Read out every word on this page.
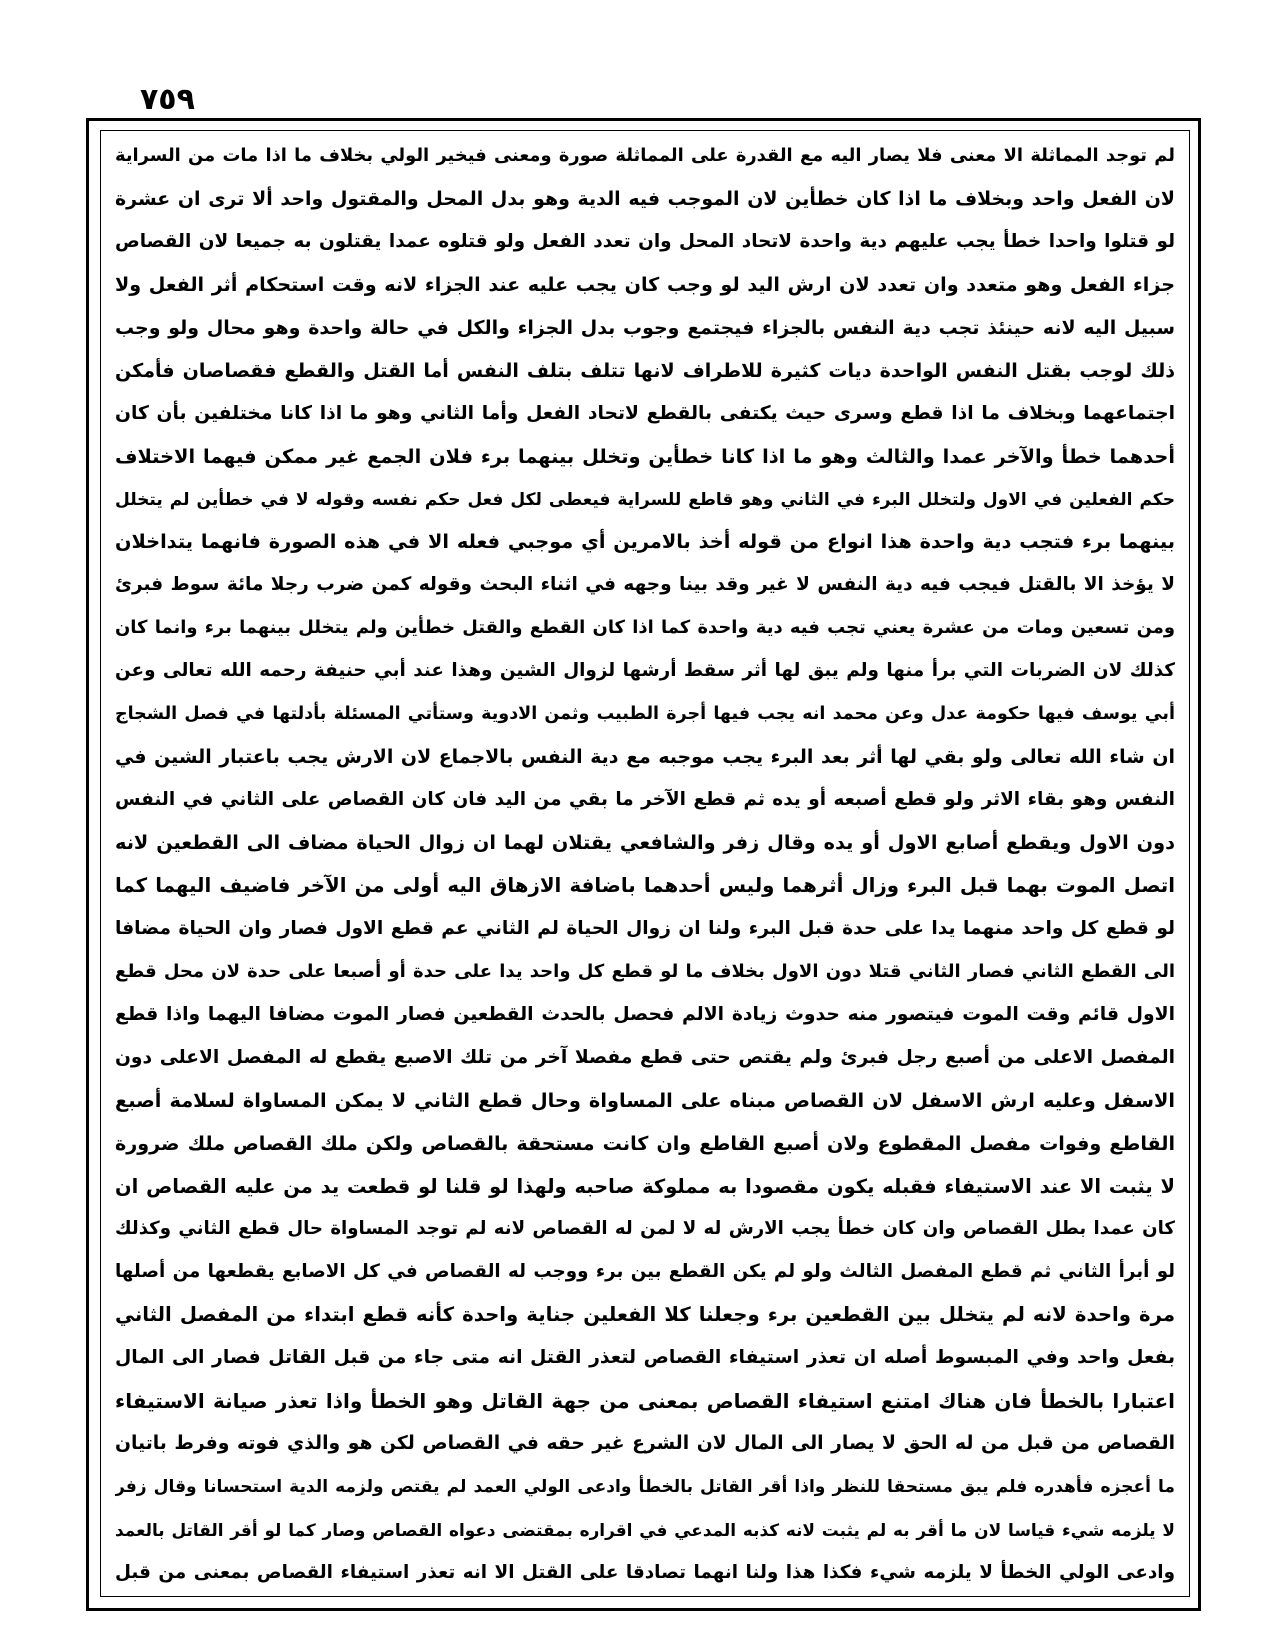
٧٥٩
لم توجد المماثلة الا معنى فلا يصار اليه مع القدرة على المماثلة صورة ومعنى فيخير الولي بخلاف ما اذا مات من السراية
لان الفعل واحد وبخلاف ما اذا كان خطأين لان الموجب فيه الدية وهو بدل المحل والمقتول واحد ألا ترى ان عشرة
لو قتلوا واحدا خطأ يجب عليهم دية واحدة لاتحاد المحل وان تعدد الفعل ولو قتلوه عمدا يقتلون به جميعا لان القصاص
جزاء الفعل وهو متعدد وان تعدد لان ارش اليد لو وجب كان يجب عليه عند الجزاء لانه وقت استحكام أثر الفعل ولا
سبيل اليه لانه حينئذ تجب دية النفس بالجزاء فيجتمع وجوب بدل الجزاء والكل في حالة واحدة وهو محال ولو وجب
ذلك لوجب بقتل النفس الواحدة ديات كثيرة للاطراف لانها تتلف بتلف النفس أما القتل والقطع فقصاصان فأمكن
اجتماعهما وبخلاف ما اذا قطع وسرى حيث يكتفى بالقطع لاتحاد الفعل وأما الثاني وهو ما اذا كانا مختلفين بأن كان
أحدهما خطأ والآخر عمدا والثالث وهو ما اذا كانا خطأين وتخلل بينهما برء فلان الجمع غير ممكن فيهما الاختلاف
حكم الفعلين في الاول ولتخلل البرء في الثاني وهو قاطع للسراية فيعطى لكل فعل حكم نفسه وقوله لا في خطأين لم يتخلل
بينهما برء فتجب دية واحدة هذا انواع من قوله أخذ بالامرين أي موجبي فعله الا في هذه الصورة فانهما يتداخلان
لا يؤخذ الا بالقتل فيجب فيه دية النفس لا غير وقد بينا وجهه في اثناء البحث وقوله كمن ضرب رجلا مائة سوط فبرئ
ومن تسعين ومات من عشرة يعني تجب فيه دية واحدة كما اذا كان القطع والقتل خطأين ولم يتخلل بينهما برء وانما كان
كذلك لان الضربات التي برأ منها ولم يبق لها أثر سقط أرشها لزوال الشين وهذا عند أبي حنيفة رحمه الله تعالى وعن
أبي يوسف فيها حكومة عدل وعن محمد انه يجب فيها أجرة الطبيب وثمن الادوية وستأتي المسئلة بأدلتها في فصل الشجاج
ان شاء الله تعالى ولو بقي لها أثر بعد البرء يجب موجبه مع دية النفس بالاجماع لان الارش يجب باعتبار الشين في
النفس وهو بقاء الاثر ولو قطع أصبعه أو يده ثم قطع الآخر ما بقي من اليد فان كان القصاص على الثاني في النفس
دون الاول ويقطع أصابع الاول أو يده وقال زفر والشافعي يقتلان لهما ان زوال الحياة مضاف الى القطعين لانه
اتصل الموت بهما قبل البرء وزال أثرهما وليس أحدهما باضافة الازهاق اليه أولى من الآخر فاضيف اليهما كما
لو قطع كل واحد منهما يدا على حدة قبل البرء ولنا ان زوال الحياة لم الثاني عم قطع الاول فصار وان الحياة مضافا
الى القطع الثاني فصار الثاني قتلا دون الاول بخلاف ما لو قطع كل واحد يدا على حدة أو أصبعا على حدة لان محل قطع
الاول قائم وقت الموت فيتصور منه حدوث زيادة الالم فحصل بالحدث القطعين فصار الموت مضافا اليهما واذا قطع
المفصل الاعلى من أصبع رجل فبرئ ولم يقتص حتى قطع مفصلا آخر من تلك الاصبع يقطع له المفصل الاعلى دون
الاسفل وعليه ارش الاسفل لان القصاص مبناه على المساواة وحال قطع الثاني لا يمكن المساواة لسلامة أصبع
القاطع وفوات مفصل المقطوع ولان أصبع القاطع وان كانت مستحقة بالقصاص ولكن ملك القصاص ملك ضرورة
لا يثبت الا عند الاستيفاء فقبله يكون مقصودا به مملوكة صاحبه ولهذا لو قلنا لو قطعت يد من عليه القصاص ان
كان عمدا بطل القصاص وان كان خطأ يجب الارش له لا لمن له القصاص لانه لم توجد المساواة حال قطع الثاني وكذلك
لو أبرأ الثاني ثم قطع المفصل الثالث ولو لم يكن القطع بين برء ووجب له القصاص في كل الاصابع يقطعها من أصلها
مرة واحدة لانه لم يتخلل بين القطعين برء وجعلنا كلا الفعلين جناية واحدة كأنه قطع ابتداء من المفصل الثاني
بفعل واحد وفي المبسوط أصله ان تعذر استيفاء القصاص لتعذر القتل انه متى جاء من قبل القاتل فصار الى المال
اعتبارا بالخطأ فان هناك امتنع استيفاء القصاص بمعنى من جهة القاتل وهو الخطأ واذا تعذر صيانة الاستيفاء
القصاص من قبل من له الحق لا يصار الى المال لان الشرع غير حقه في القصاص لكن هو والذي فوته وفرط باتيان
ما أعجزه فأهدره فلم يبق مستحقا للنظر واذا أقر القاتل بالخطأ وادعى الولي العمد لم يقتص ولزمه الدية استحسانا وقال زفر
لا يلزمه شيء قياسا لان ما أقر به لم يثبت لانه كذبه المدعي في اقراره بمقتضى دعواه القصاص وصار كما لو أقر القاتل بالعمد
وادعى الولي الخطأ لا يلزمه شيء فكذا هذا ولنا انهما تصادقا على القتل الا انه تعذر استيفاء القصاص بمعنى من قبل
